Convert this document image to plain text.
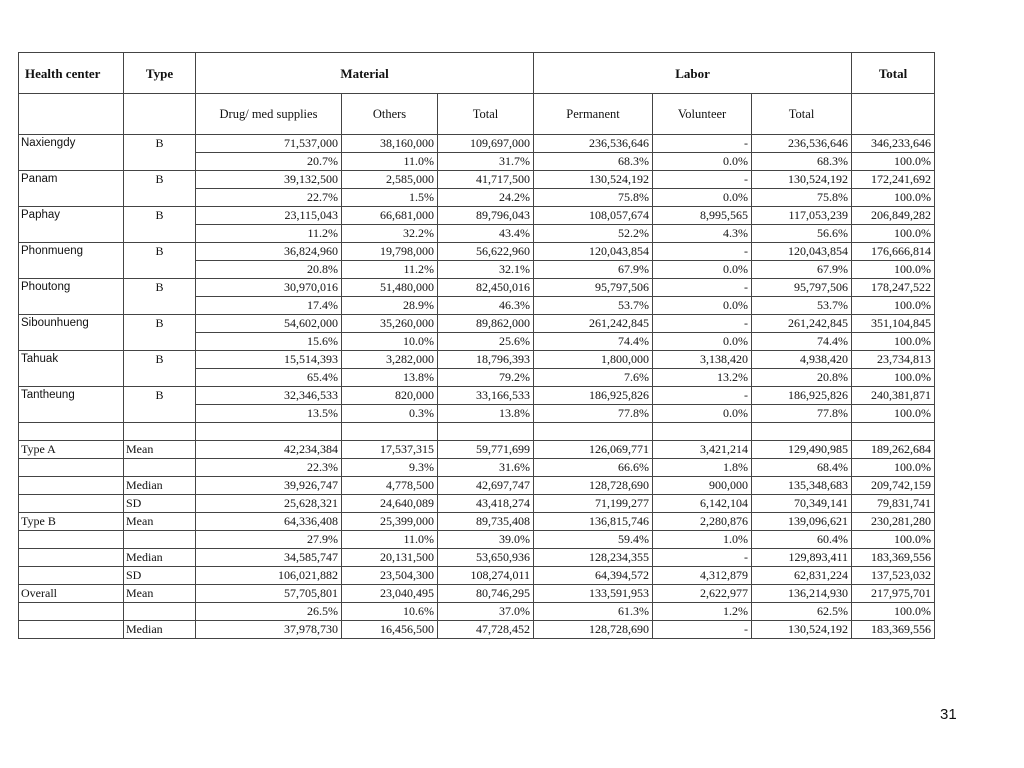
Health center	Type	Material			Labor			Total
		Drug/ med supplies	Others	Total	Permanent	Volunteer	Total	
Naxiengdy	B	71,537,000	38,160,000	109,697,000	236,536,646	-	236,536,646	346,233,646
		20.7%	11.0%	31.7%	68.3%	0.0%	68.3%	100.0%
Panam	B	39,132,500	2,585,000	41,717,500	130,524,192	-	130,524,192	172,241,692
		22.7%	1.5%	24.2%	75.8%	0.0%	75.8%	100.0%
Paphay	B	23,115,043	66,681,000	89,796,043	108,057,674	8,995,565	117,053,239	206,849,282
		11.2%	32.2%	43.4%	52.2%	4.3%	56.6%	100.0%
Phonmueng	B	36,824,960	19,798,000	56,622,960	120,043,854	-	120,043,854	176,666,814
		20.8%	11.2%	32.1%	67.9%	0.0%	67.9%	100.0%
Phoutong	B	30,970,016	51,480,000	82,450,016	95,797,506	-	95,797,506	178,247,522
		17.4%	28.9%	46.3%	53.7%	0.0%	53.7%	100.0%
Sibounhueng	B	54,602,000	35,260,000	89,862,000	261,242,845	-	261,242,845	351,104,845
		15.6%	10.0%	25.6%	74.4%	0.0%	74.4%	100.0%
Tahuak	B	15,514,393	3,282,000	18,796,393	1,800,000	3,138,420	4,938,420	23,734,813
		65.4%	13.8%	79.2%	7.6%	13.2%	20.8%	100.0%
Tantheung	B	32,346,533	820,000	33,166,533	186,925,826	-	186,925,826	240,381,871
		13.5%	0.3%	13.8%	77.8%	0.0%	77.8%	100.0%

Type A	Mean	42,234,384	17,537,315	59,771,699	126,069,771	3,421,214	129,490,985	189,262,684
		22.3%	9.3%	31.6%	66.6%	1.8%	68.4%	100.0%
	Median	39,926,747	4,778,500	42,697,747	128,728,690	900,000	135,348,683	209,742,159
	SD	25,628,321	24,640,089	43,418,274	71,199,277	6,142,104	70,349,141	79,831,741
Type B	Mean	64,336,408	25,399,000	89,735,408	136,815,746	2,280,876	139,096,621	230,281,280
		27.9%	11.0%	39.0%	59.4%	1.0%	60.4%	100.0%
	Median	34,585,747	20,131,500	53,650,936	128,234,355	-	129,893,411	183,369,556
	SD	106,021,882	23,504,300	108,274,011	64,394,572	4,312,879	62,831,224	137,523,032
Overall	Mean	57,705,801	23,040,495	80,746,295	133,591,953	2,622,977	136,214,930	217,975,701
		26.5%	10.6%	37.0%	61.3%	1.2%	62.5%	100.0%
	Median	37,978,730	16,456,500	47,728,452	128,728,690	-	130,524,192	183,369,556
31
